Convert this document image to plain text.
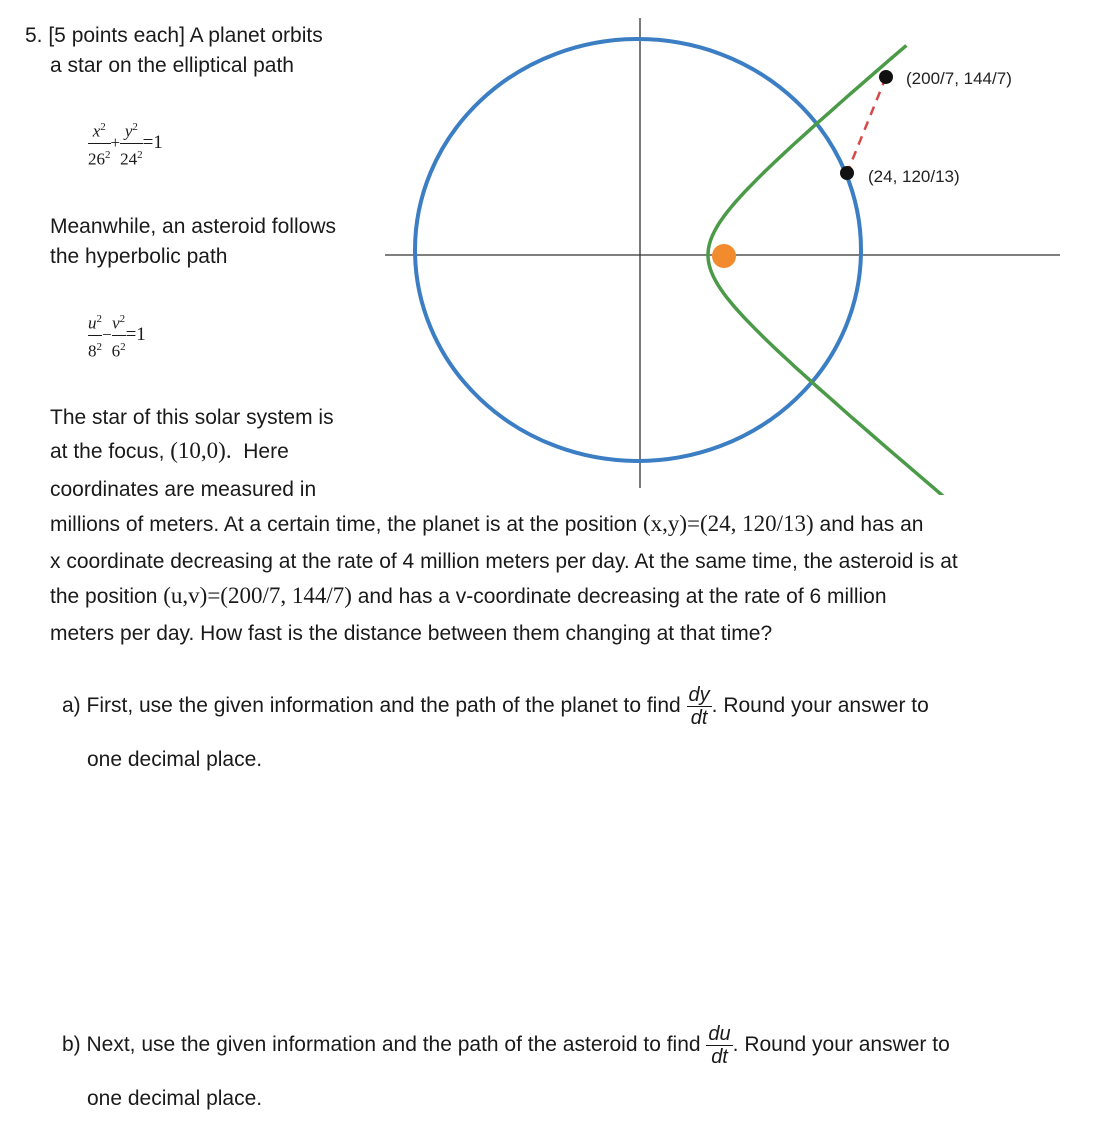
5. [5 points each] A planet orbits
a star on the elliptical path
$\frac{x^2}{26^2} + \frac{y^2}{24^2} =1$
Meanwhile, an asteroid follows
the hyperbolic path
$\frac{u^2}{8^2} - \frac{v^2}{6^2} =1$
The star of this solar system is
at the focus, (10,0). Here
coordinates are measured in
millions of meters. At a certain time, the planet is at the position (x,y)=(24, 120/13) and has an
x coordinate decreasing at the rate of 4 million meters per day. At the same time, the asteroid is at
the position (u,v)=(200/7, 144/7) and has a v-coordinate decreasing at the rate of 6 million
meters per day. How fast is the distance between them changing at that time?
a) First, use the given information and the path of the planet to find $\frac{dy}{dt}$ . Round your answer to
one decimal place.
b) Next, use the given information and the path of the asteroid to find $\frac{du}{dt}$ . Round your answer to
one decimal place.
(200/7, 144/7)
(24, 120/13)
